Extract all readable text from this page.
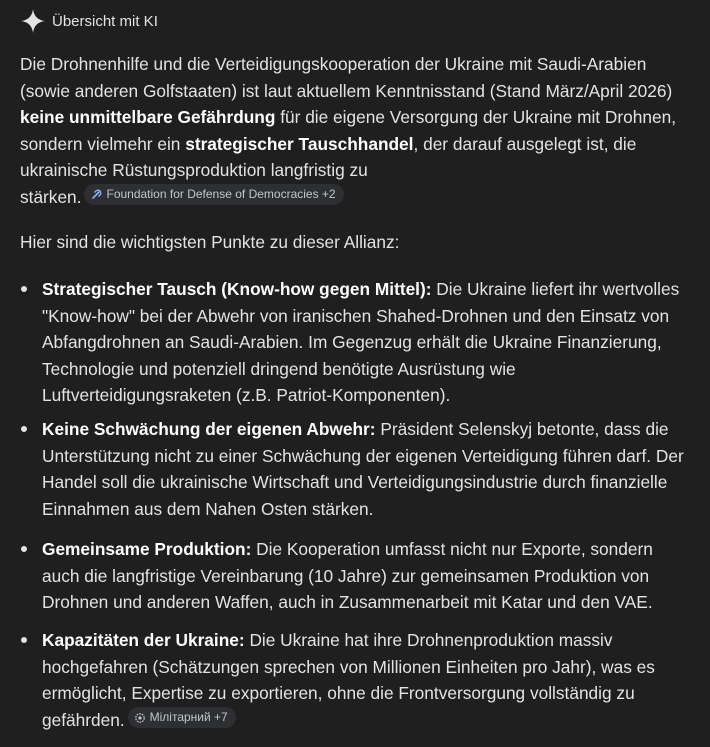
Übersicht mit KI
Die Drohnenhilfe und die Verteidigungskooperation der Ukraine mit Saudi-Arabien
(sowie anderen Golfstaaten) ist laut aktuellem Kenntnisstand (Stand März/April 2026)
keine unmittelbare Gefährdung für die eigene Versorgung der Ukraine mit Drohnen,
sondern vielmehr ein strategischer Tauschhandel, der darauf ausgelegt ist, die
ukrainische Rüstungsproduktion langfristig zu
stärken. Foundation for Defense of Democracies +2
Hier sind die wichtigsten Punkte zu dieser Allianz:
Strategischer Tausch (Know-how gegen Mittel): Die Ukraine liefert ihr wertvolles
"Know-how" bei der Abwehr von iranischen Shahed-Drohnen und den Einsatz von
Abfangdrohnen an Saudi-Arabien. Im Gegenzug erhält die Ukraine Finanzierung,
Technologie und potenziell dringend benötigte Ausrüstung wie
Luftverteidigungsraketen (z.B. Patriot-Komponenten).
Keine Schwächung der eigenen Abwehr: Präsident Selenskyj betonte, dass die
Unterstützung nicht zu einer Schwächung der eigenen Verteidigung führen darf. Der
Handel soll die ukrainische Wirtschaft und Verteidigungsindustrie durch finanzielle
Einnahmen aus dem Nahen Osten stärken.
Gemeinsame Produktion: Die Kooperation umfasst nicht nur Exporte, sondern
auch die langfristige Vereinbarung (10 Jahre) zur gemeinsamen Produktion von
Drohnen und anderen Waffen, auch in Zusammenarbeit mit Katar und den VAE.
Kapazitäten der Ukraine: Die Ukraine hat ihre Drohnenproduktion massiv
hochgefahren (Schätzungen sprechen von Millionen Einheiten pro Jahr), was es
ermöglicht, Expertise zu exportieren, ohne die Frontversorgung vollständig zu
gefährden. Мілітарний +7
